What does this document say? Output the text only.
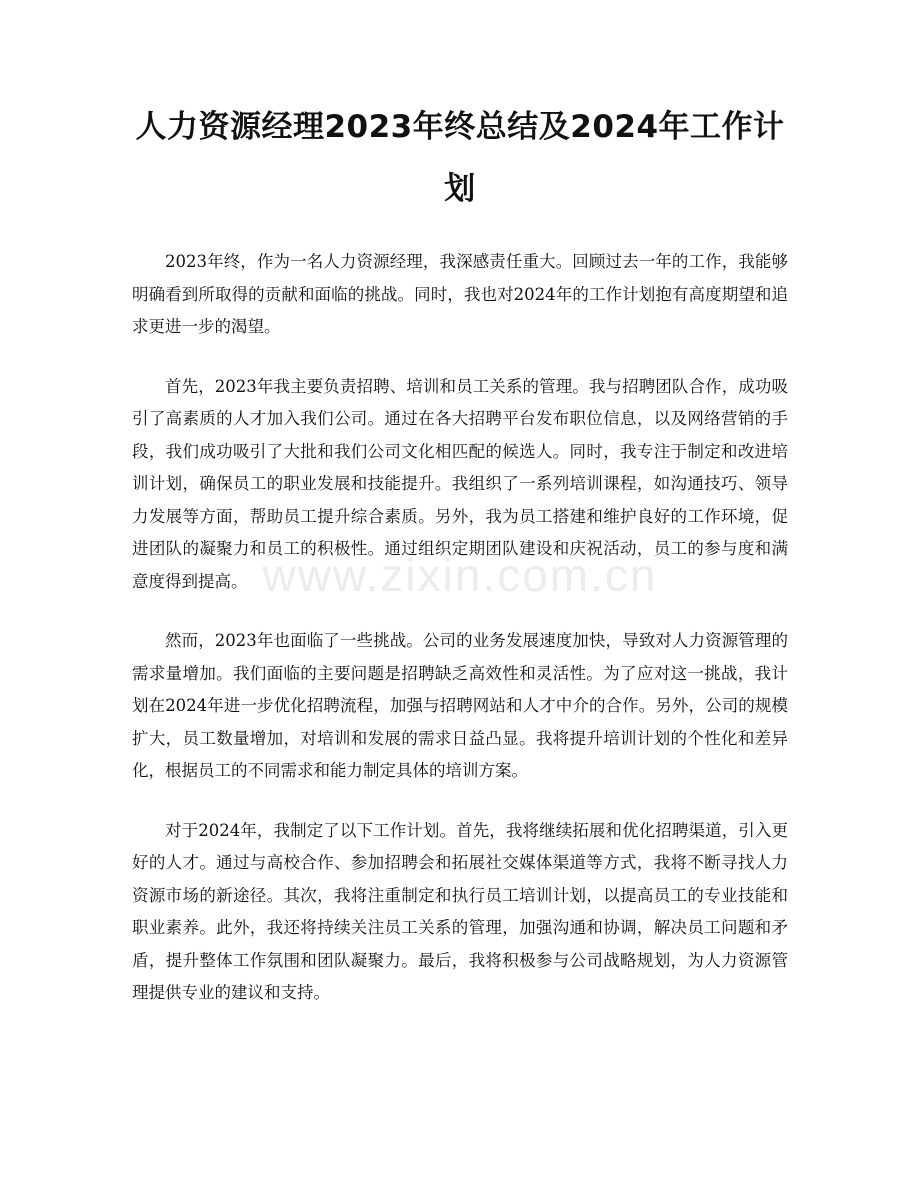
人力资源经理2023年终总结及2024年工作计划

2023年终，作为一名人力资源经理，我深感责任重大。回顾过去一年的工作，我能够明确看到所取得的贡献和面临的挑战。同时，我也对2024年的工作计划抱有高度期望和追求更进一步的渴望。

首先，2023年我主要负责招聘、培训和员工关系的管理。我与招聘团队合作，成功吸引了高素质的人才加入我们公司。通过在各大招聘平台发布职位信息，以及网络营销的手段，我们成功吸引了大批和我们公司文化相匹配的候选人。同时，我专注于制定和改进培训计划，确保员工的职业发展和技能提升。我组织了一系列培训课程，如沟通技巧、领导力发展等方面，帮助员工提升综合素质。另外，我为员工搭建和维护良好的工作环境，促进团队的凝聚力和员工的积极性。通过组织定期团队建设和庆祝活动，员工的参与度和满意度得到提高。

然而，2023年也面临了一些挑战。公司的业务发展速度加快，导致对人力资源管理的需求量增加。我们面临的主要问题是招聘缺乏高效性和灵活性。为了应对这一挑战，我计划在2024年进一步优化招聘流程，加强与招聘网站和人才中介的合作。另外，公司的规模扩大，员工数量增加，对培训和发展的需求日益凸显。我将提升培训计划的个性化和差异化，根据员工的不同需求和能力制定具体的培训方案。

对于2024年，我制定了以下工作计划。首先，我将继续拓展和优化招聘渠道，引入更好的人才。通过与高校合作、参加招聘会和拓展社交媒体渠道等方式，我将不断寻找人力资源市场的新途径。其次，我将注重制定和执行员工培训计划，以提高员工的专业技能和职业素养。此外，我还将持续关注员工关系的管理，加强沟通和协调，解决员工问题和矛盾，提升整体工作氛围和团队凝聚力。最后，我将积极参与公司战略规划，为人力资源管理提供专业的建议和支持。

www.zixin.com.cn
